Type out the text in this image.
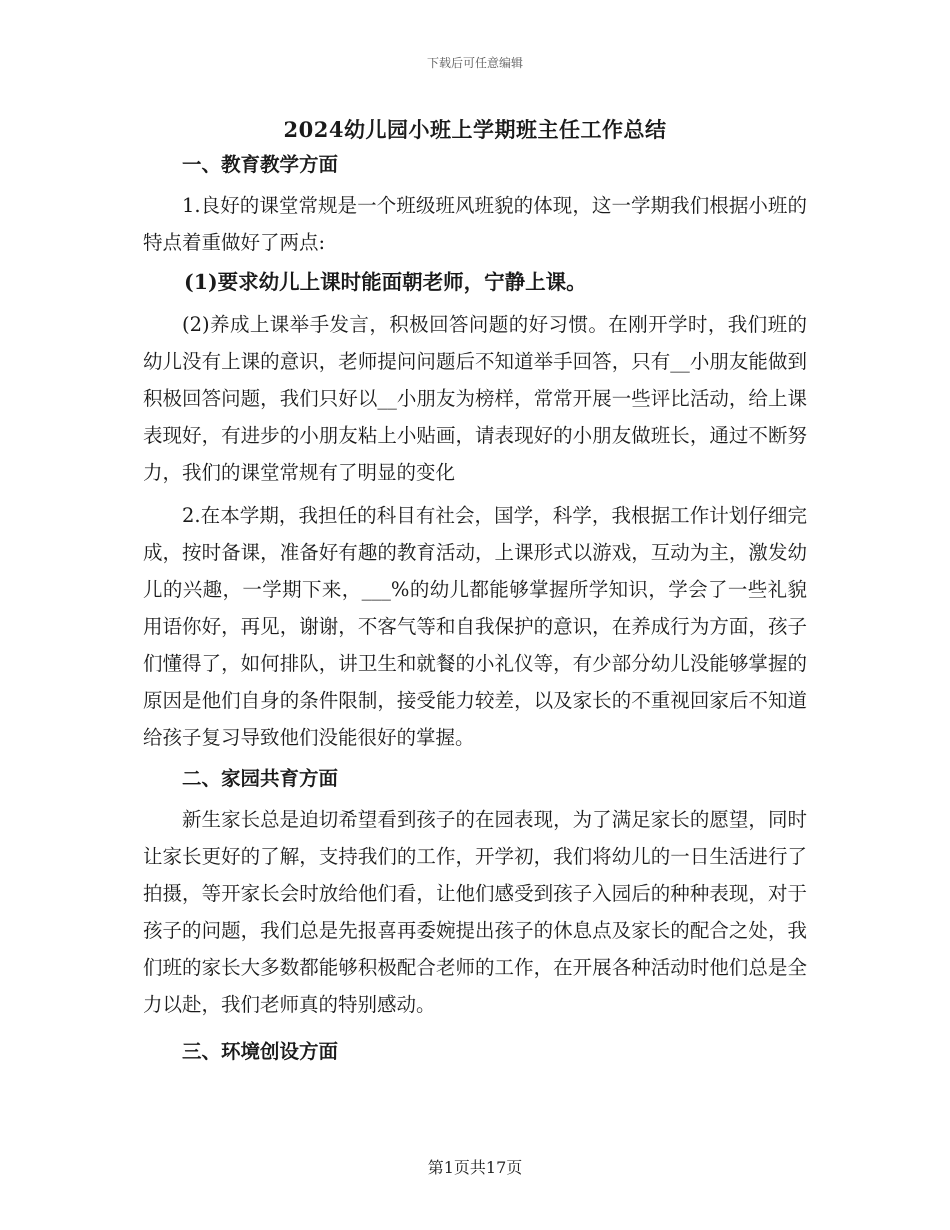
下载后可任意编辑
2024幼儿园小班上学期班主任工作总结

一、教育教学方面

1.良好的课堂常规是一个班级班风班貌的体现，这一学期我们根据小班的特点着重做好了两点:

(1)要求幼儿上课时能面朝老师，宁静上课。

(2)养成上课举手发言，积极回答问题的好习惯。在刚开学时，我们班的幼儿没有上课的意识，老师提问问题后不知道举手回答，只有__小朋友能做到积极回答问题，我们只好以__小朋友为榜样，常常开展一些评比活动，给上课表现好，有进步的小朋友粘上小贴画，请表现好的小朋友做班长，通过不断努力，我们的课堂常规有了明显的变化

2.在本学期，我担任的科目有社会，国学，科学，我根据工作计划仔细完成，按时备课，准备好有趣的教育活动，上课形式以游戏，互动为主，激发幼儿的兴趣，一学期下来，___%的幼儿都能够掌握所学知识，学会了一些礼貌用语你好，再见，谢谢，不客气等和自我保护的意识，在养成行为方面，孩子们懂得了，如何排队，讲卫生和就餐的小礼仪等，有少部分幼儿没能够掌握的原因是他们自身的条件限制，接受能力较差，以及家长的不重视回家后不知道给孩子复习导致他们没能很好的掌握。

二、家园共育方面

新生家长总是迫切希望看到孩子的在园表现，为了满足家长的愿望，同时让家长更好的了解，支持我们的工作，开学初，我们将幼儿的一日生活进行了拍摄，等开家长会时放给他们看，让他们感受到孩子入园后的种种表现，对于孩子的问题，我们总是先报喜再委婉提出孩子的休息点及家长的配合之处，我们班的家长大多数都能够积极配合老师的工作，在开展各种活动时他们总是全力以赴，我们老师真的特别感动。

三、环境创设方面

第1页共17页
